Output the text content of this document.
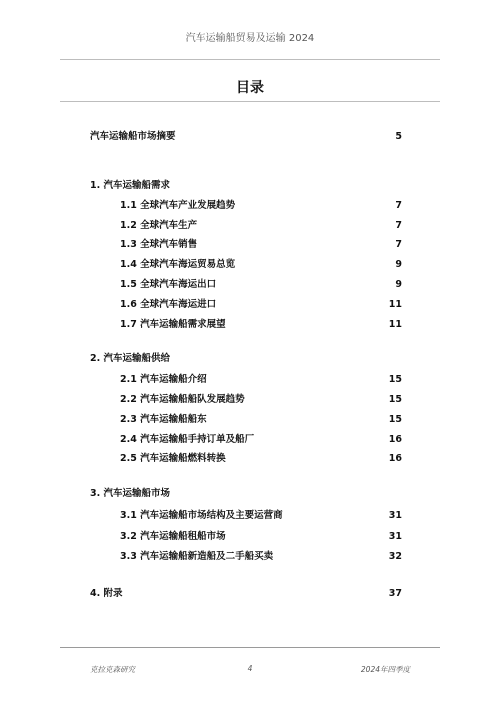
汽车运输船贸易及运输 2024
目录
汽车运输船市场摘要	5
1. 汽车运输船需求
1.1 全球汽车产业发展趋势	7
1.2 全球汽车生产	7
1.3 全球汽车销售	7
1.4 全球汽车海运贸易总览	9
1.5 全球汽车海运出口	9
1.6 全球汽车海运进口	11
1.7 汽车运输船需求展望	11
2. 汽车运输船供给
2.1 汽车运输船介绍	15
2.2 汽车运输船船队发展趋势	15
2.3 汽车运输船船东	15
2.4 汽车运输船手持订单及船厂	16
2.5 汽车运输船燃料转换	16
3. 汽车运输船市场
3.1 汽车运输船市场结构及主要运营商	31
3.2 汽车运输船租船市场	31
3.3 汽车运输船新造船及二手船买卖	32
4. 附录	37
克拉克森研究	4	2024年四季度
